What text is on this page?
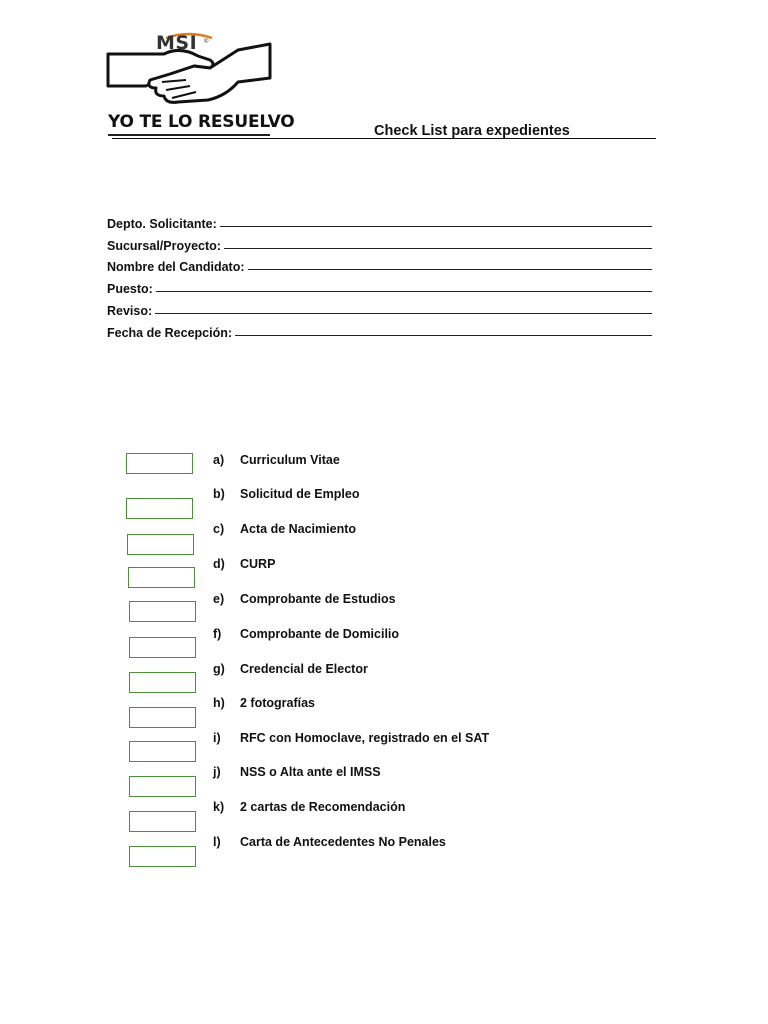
MSI ®
YO TE LO RESUELVO	Check List para expedientes
Depto. Solicitante:
Sucursal/Proyecto:
Nombre del Candidato:
Puesto:
Reviso:
Fecha de Recepción:
a) Curriculum Vitae
b) Solicitud de Empleo
c) Acta de Nacimiento
d) CURP
e) Comprobante de Estudios
f) Comprobante de Domicilio
g) Credencial de Elector
h) 2 fotografías
i) RFC con Homoclave, registrado en el SAT
j) NSS o Alta ante el IMSS
k) 2 cartas de Recomendación
l) Carta de Antecedentes No Penales
